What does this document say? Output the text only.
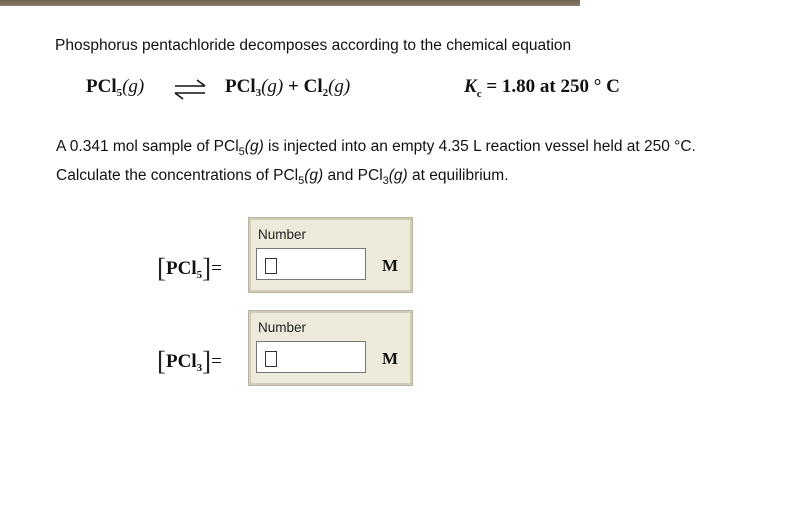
Phosphorus pentachloride decomposes according to the chemical equation
PCl$_5$(g) ⇌ $PCl_3(g) + Cl_2(g)$	$K_c = 1.80$ at 250 ° C
A 0.341 mol sample of PCl$_5$(g) is injected into an empty 4.35 L reaction vessel held at 250 °C.
Calculate the concentrations of PCl$_5$(g) and PCl$_3$(g) at equilibrium.
[PCl$_5$]=
Number
M
[PCl$_3$]=
Number
M
